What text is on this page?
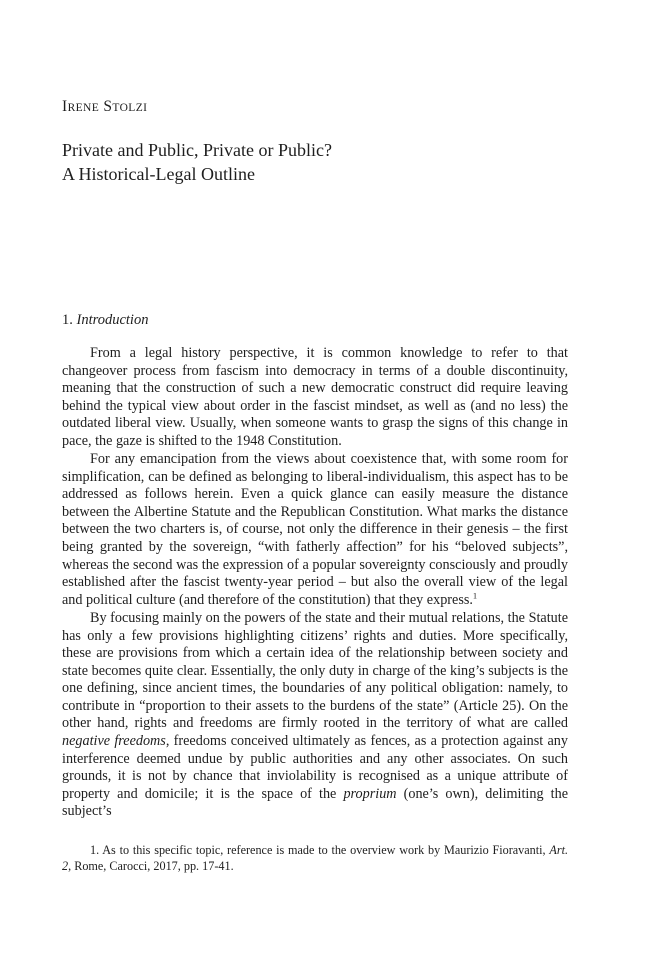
IRENE STOLZI
Private and Public, Private or Public?
A Historical-Legal Outline
1. Introduction

From a legal history perspective, it is common knowledge to refer to that changeover process from fascism into democracy in terms of a double discontinuity, meaning that the construction of such a new democratic construct did require leaving behind the typical view about order in the fascist mindset, as well as (and no less) the outdated liberal view. Usually, when someone wants to grasp the signs of this change in pace, the gaze is shifted to the 1948 Constitution.

For any emancipation from the views about coexistence that, with some room for simplification, can be defined as belonging to liberal-individualism, this aspect has to be addressed as follows herein. Even a quick glance can easily measure the distance between the Albertine Statute and the Republican Constitution. What marks the distance between the two charters is, of course, not only the difference in their genesis – the first being granted by the sovereign, “with fatherly affection” for his “beloved subjects”, whereas the second was the expression of a popular sovereignty consciously and proudly established after the fascist twenty-year period – but also the overall view of the legal and political culture (and therefore of the constitution) that they express.$^1$

By focusing mainly on the powers of the state and their mutual relations, the Statute has only a few provisions highlighting citizens’ rights and duties. More specifically, these are provisions from which a certain idea of the relationship between society and state becomes quite clear. Essentially, the only duty in charge of the king’s subjects is the one defining, since ancient times, the boundaries of any political obligation: namely, to contribute in “proportion to their assets to the burdens of the state” (Article 25). On the other hand, rights and freedoms are firmly rooted in the territory of what are called negative freedoms, freedoms conceived ultimately as fences, as a protection against any interference deemed undue by public authorities and any other associates. On such grounds, it is not by chance that inviolability is recognised as a unique attribute of property and domicile; it is the space of the proprium (one’s own), delimiting the subject’s

1. As to this specific topic, reference is made to the overview work by Maurizio Fioravanti, Art. 2, Rome, Carocci, 2017, pp. 17-41.
